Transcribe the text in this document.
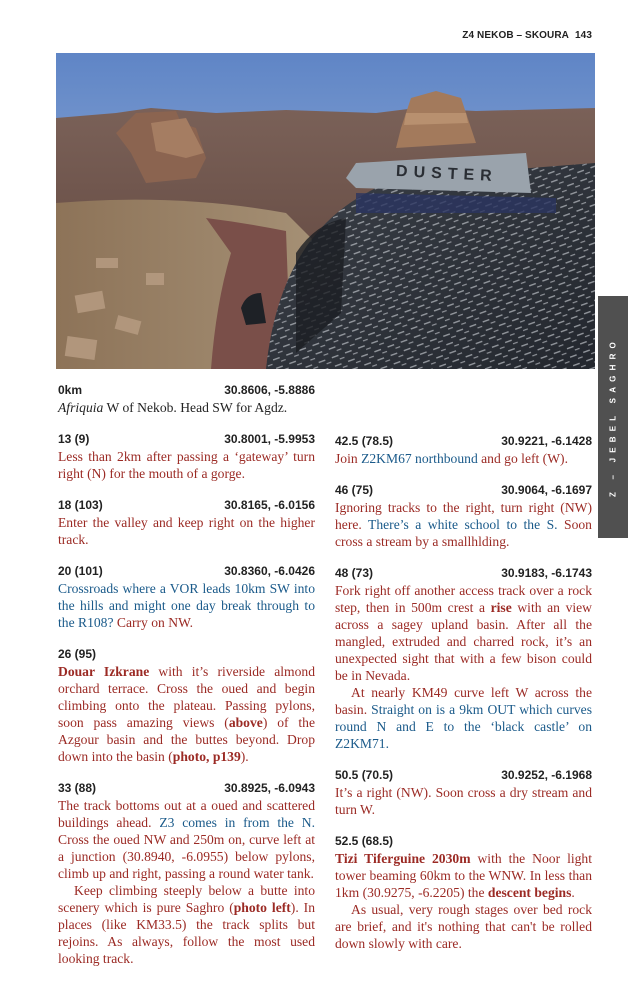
Z4 NEKOB – SKOURA 143
DUSTER
Z – JEBEL SAGHRO
0km	30.8606, -5.8886

Afriquia W of Nekob. Head SW for Agdz.

13 (9)	30.8001, -5.9953

Less than 2km after passing a ‘gateway’ turn right (N) for the mouth of a gorge.

18 (103)	30.8165, -6.0156

Enter the valley and keep right on the higher track.

20 (101)	30.8360, -6.0426

Crossroads where a VOR leads 10km SW into the hills and might one day break through to the R108? Carry on NW.

26 (95)

Douar Izkrane with it’s riverside almond orchard terrace. Cross the oued and begin climbing onto the plateau. Passing pylons, soon pass amazing views (above) of the Azgour basin and the buttes beyond. Drop down into the basin (photo, p139).

33 (88)	30.8925, -6.0943

The track bottoms out at a oued and scattered buildings ahead. Z3 comes in from the N. Cross the oued NW and 250m on, curve left at a junction (30.8940, -6.0955) below pylons, climb up and right, passing a round water tank.

Keep climbing steeply below a butte into scenery which is pure Saghro (photo left). In places (like KM33.5) the track splits but rejoins. As always, follow the most used looking track.

42.5 (78.5)	30.9221, -6.1428

Join Z2KM67 northbound and go left (W).

46 (75)	30.9064, -6.1697

Ignoring tracks to the right, turn right (NW) here. There’s a white school to the S. Soon cross a stream by a smallhlding.

48 (73)	30.9183, -6.1743

Fork right off another access track over a rock step, then in 500m crest a rise with an view across a sagey upland basin. After all the mangled, extruded and charred rock, it’s an unexpected sight that with a few bison could be in Nevada.

At nearly KM49 curve left W across the basin. Straight on is a 9km OUT which curves round N and E to the ‘black castle’ on Z2KM71.

50.5 (70.5)	30.9252, -6.1968

It’s a right (NW). Soon cross a dry stream and turn W.

52.5 (68.5)

Tizi Tiferguine 2030m with the Noor light tower beaming 60km to the WNW. In less than 1km (30.9275, -6.2205) the descent begins.

As usual, very rough stages over bed rock are brief, and it's nothing that can't be rolled down slowly with care.
